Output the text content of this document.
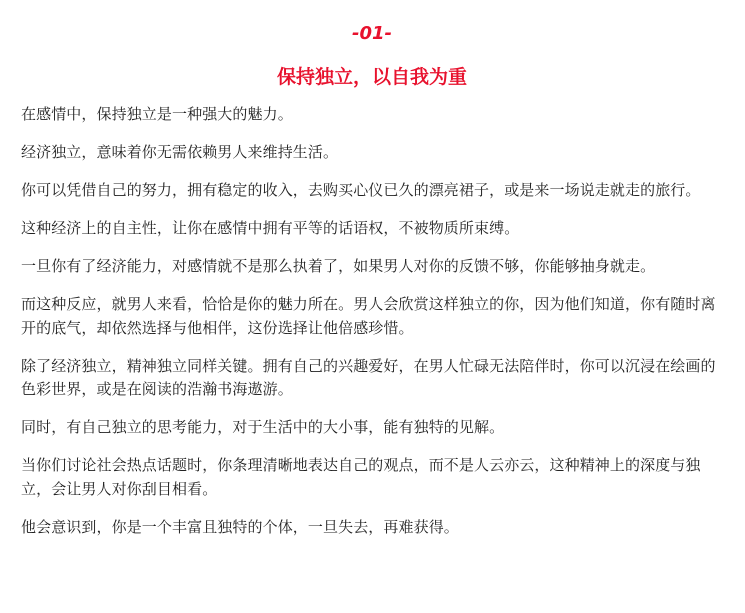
-01-
保持独立，以自我为重

在感情中，保持独立是一种强大的魅力。

经济独立，意味着你无需依赖男人来维持生活。

你可以凭借自己的努力，拥有稳定的收入，去购买心仪已久的漂亮裙子，或是来一场说走就走的旅行。

这种经济上的自主性，让你在感情中拥有平等的话语权，不被物质所束缚。

一旦你有了经济能力，对感情就不是那么执着了，如果男人对你的反馈不够，你能够抽身就走。

而这种反应，就男人来看，恰恰是你的魅力所在。男人会欣赏这样独立的你，因为他们知道，你有随时离开的底气，却依然选择与他相伴，这份选择让他倍感珍惜。

除了经济独立，精神独立同样关键。拥有自己的兴趣爱好，在男人忙碌无法陪伴时，你可以沉浸在绘画的色彩世界，或是在阅读的浩瀚书海遨游。

同时，有自己独立的思考能力，对于生活中的大小事，能有独特的见解。

当你们讨论社会热点话题时，你条理清晰地表达自己的观点，而不是人云亦云，这种精神上的深度与独立，会让男人对你刮目相看。

他会意识到，你是一个丰富且独特的个体，一旦失去，再难获得。
